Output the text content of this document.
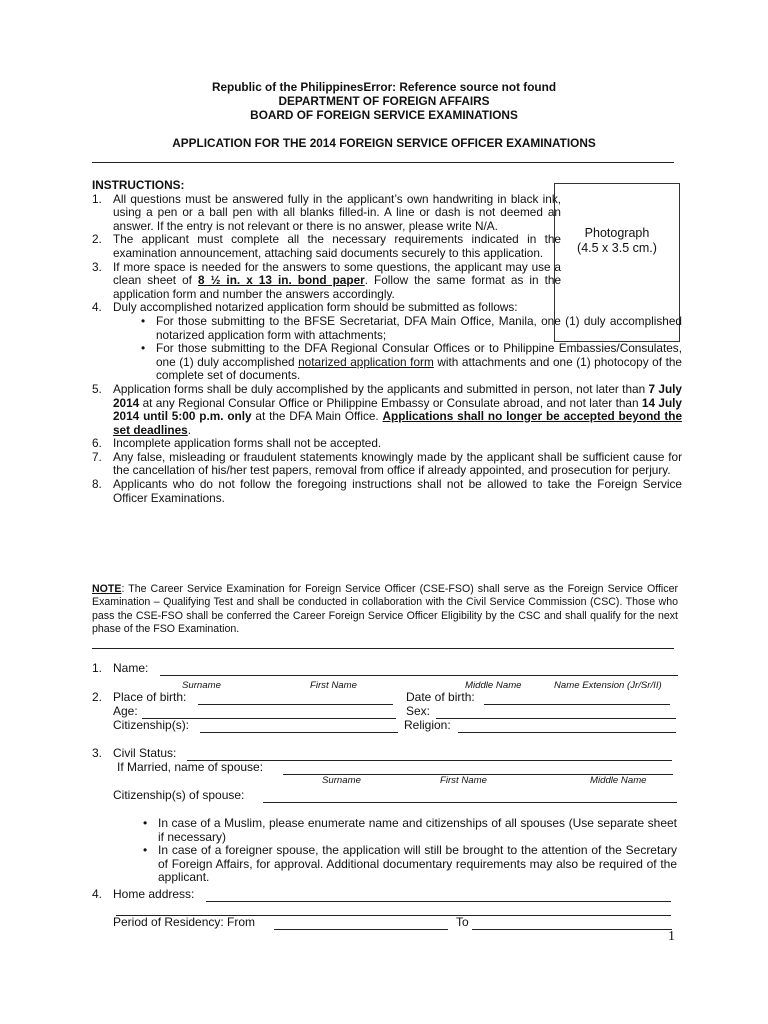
Republic of the PhilippinesError: Reference source not found
DEPARTMENT OF FOREIGN AFFAIRS
BOARD OF FOREIGN SERVICE EXAMINATIONS
APPLICATION FOR THE 2014 FOREIGN SERVICE OFFICER EXAMINATIONS
Photograph
(4.5 x 3.5 cm.)
INSTRUCTIONS:
1. All questions must be answered fully in the applicant’s own handwriting in black ink, using a pen or a ball pen with all blanks filled-in. A line or dash is not deemed an answer. If the entry is not relevant or there is no answer, please write N/A.
2. The applicant must complete all the necessary requirements indicated in the examination announcement, attaching said documents securely to this application.
3. If more space is needed for the answers to some questions, the applicant may use a clean sheet of 8 ½ in. x 13 in. bond paper. Follow the same format as in the application form and number the answers accordingly.
4. Duly accomplished notarized application form should be submitted as follows:
• For those submitting to the BFSE Secretariat, DFA Main Office, Manila, one (1) duly accomplished notarized application form with attachments;
• For those submitting to the DFA Regional Consular Offices or to Philippine Embassies/Consulates, one (1) duly accomplished notarized application form with attachments and one (1) photocopy of the complete set of documents.
5. Application forms shall be duly accomplished by the applicants and submitted in person, not later than 7 July 2014 at any Regional Consular Office or Philippine Embassy or Consulate abroad, and not later than 14 July 2014 until 5:00 p.m. only at the DFA Main Office. Applications shall no longer be accepted beyond the set deadlines.
6. Incomplete application forms shall not be accepted.
7. Any false, misleading or fraudulent statements knowingly made by the applicant shall be sufficient cause for the cancellation of his/her test papers, removal from office if already appointed, and prosecution for perjury.
8. Applicants who do not follow the foregoing instructions shall not be allowed to take the Foreign Service Officer Examinations.
NOTE: The Career Service Examination for Foreign Service Officer (CSE-FSO) shall serve as the Foreign Service Officer Examination – Qualifying Test and shall be conducted in collaboration with the Civil Service Commission (CSC). Those who pass the CSE-FSO shall be conferred the Career Foreign Service Officer Eligibility by the CSC and shall qualify for the next phase of the FSO Examination.
1. Name:
Surname	First Name	Middle Name	Name Extension (Jr/Sr/II)
2. Place of birth:	Date of birth:
Age:	Sex:
Citizenship(s):	Religion:
3. Civil Status:
If Married, name of spouse:
Surname	First Name	Middle Name
Citizenship(s) of spouse:
• In case of a Muslim, please enumerate name and citizenships of all spouses (Use separate sheet if necessary)
• In case of a foreigner spouse, the application will still be brought to the attention of the Secretary of Foreign Affairs, for approval. Additional documentary requirements may also be required of the applicant.
4. Home address:
Period of Residency: From	To
1
